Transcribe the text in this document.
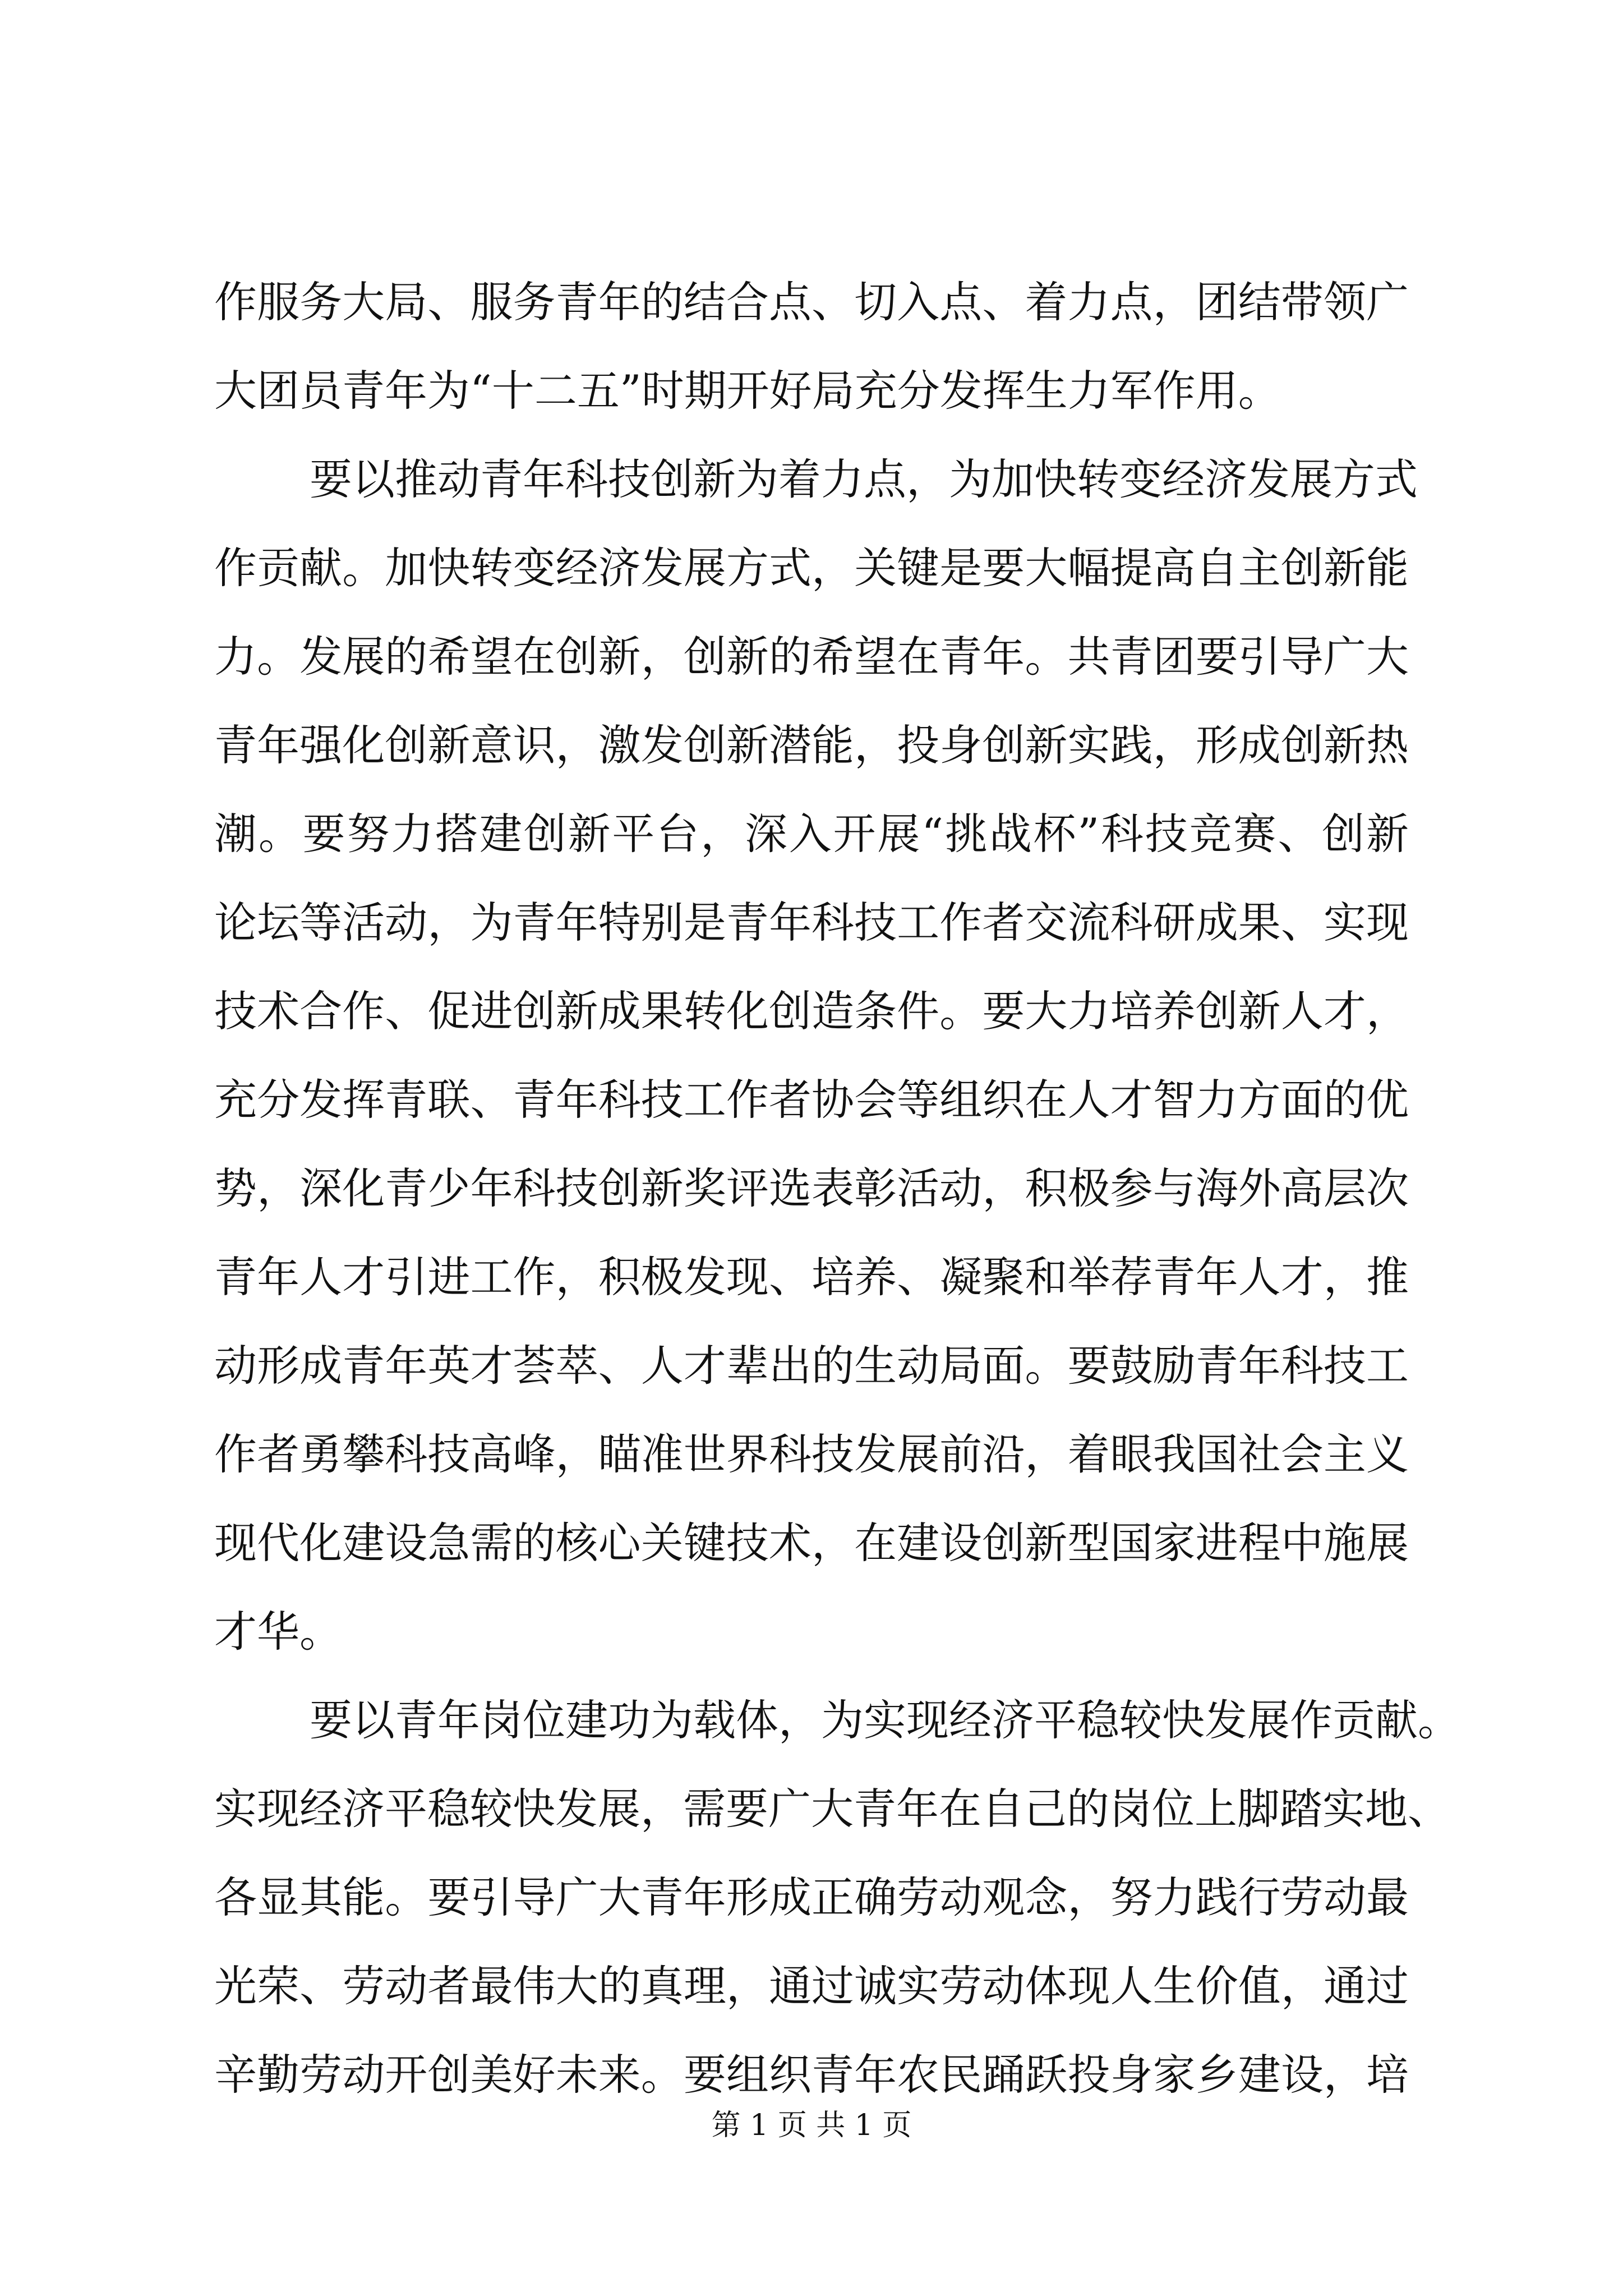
作服务大局、服务青年的结合点、切入点、着力点，团结带领广
大团员青年为“十二五”时期开好局充分发挥生力军作用。
要以推动青年科技创新为着力点，为加快转变经济发展方式
作贡献。加快转变经济发展方式，关键是要大幅提高自主创新能
力。发展的希望在创新，创新的希望在青年。共青团要引导广大
青年强化创新意识，激发创新潜能，投身创新实践，形成创新热
潮。要努力搭建创新平台，深入开展“挑战杯”科技竞赛、创新
论坛等活动，为青年特别是青年科技工作者交流科研成果、实现
技术合作、促进创新成果转化创造条件。要大力培养创新人才，
充分发挥青联、青年科技工作者协会等组织在人才智力方面的优
势，深化青少年科技创新奖评选表彰活动，积极参与海外高层次
青年人才引进工作，积极发现、培养、凝聚和举荐青年人才，推
动形成青年英才荟萃、人才辈出的生动局面。要鼓励青年科技工
作者勇攀科技高峰，瞄准世界科技发展前沿，着眼我国社会主义
现代化建设急需的核心关键技术，在建设创新型国家进程中施展
才华。
要以青年岗位建功为载体，为实现经济平稳较快发展作贡献。
实现经济平稳较快发展，需要广大青年在自己的岗位上脚踏实地、
各显其能。要引导广大青年形成正确劳动观念，努力践行劳动最
光荣、劳动者最伟大的真理，通过诚实劳动体现人生价值，通过
辛勤劳动开创美好未来。要组织青年农民踊跃投身家乡建设，培
第 1 页 共 1 页
